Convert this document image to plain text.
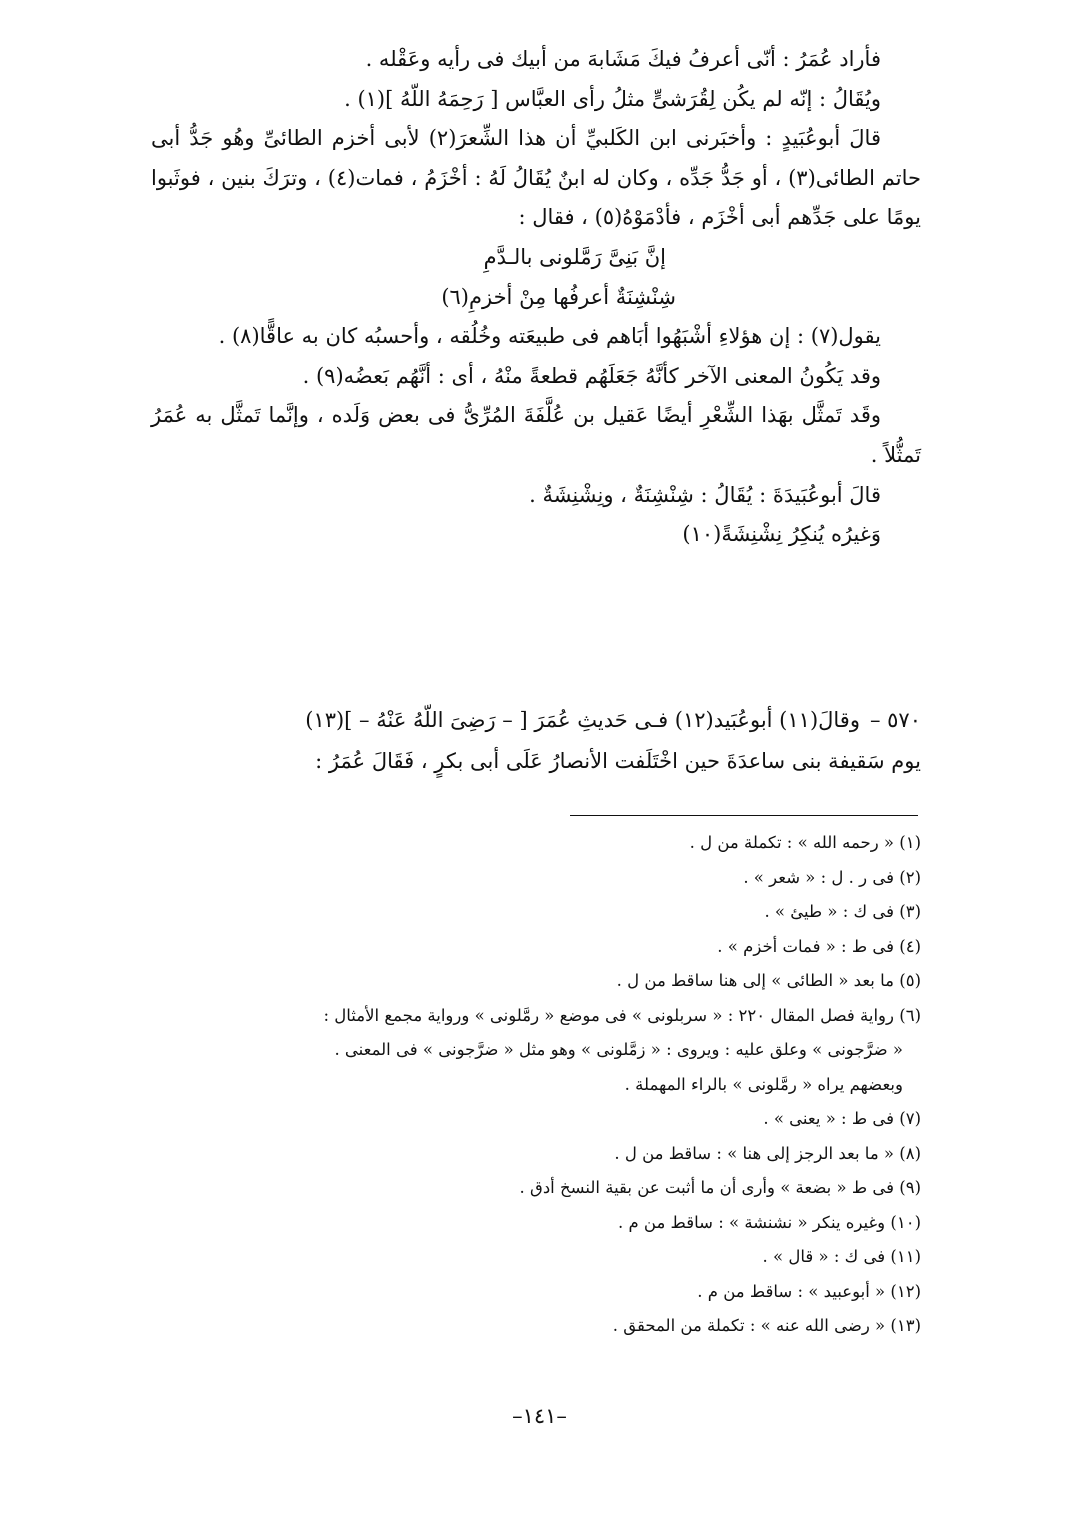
فأراد عُمَرُ : أنّى أعرفُ فيكَ مَشَابهَ من أبيك فى رأيه وعَقْله .

ويُقَالُ : إنّه لم يكُن لِقُرَشىٍّ مثلُ رأى العبَّاس [ رَحِمَهُ اللّهُ ](١) .

قالَ أبوعُبَيدٍ : وأخبَرنى ابن الكَلبيِّ أن هذا الشِّعرَ(٢) لأبى أخزم الطائىِّ وهُو جَدُّ أبى حاتم الطائى(٣) ، أو جَدُّ جَدِّه ، وكان له ابنٌ يُقَالُ لَهُ : أخْزَمُ ، فمات(٤) ، وترَكَ بنين ، فوثَبوا يومًا على جَدِّهم أبى أخْزَم ، فأدْمَوْهُ(٥) ، فقال :

إنَّ بَنِىَّ رَمَّلونى بالـدَّمِ

شِنْشِنَةٌ أعرفُها مِنْ أخزمِ(٦)

يقول(٧) : إن هؤلاءِ أشْبَهُوا أبَاهم فى طبيعَته وخُلُقه ، وأحسبُه كان به عاقًّا(٨) .

وقد يَكُونُ المعنى الآخر كأنَّهُ جَعَلَهُم قطعةً منْهُ ، أى : أنَّهُم بَعضُه(٩) .

وقَد تَمثَّل بهَذا الشِّعْرِ أيضًا عَقيل بن عُلَّفَةَ المُرِّىُّ فى بعض وَلَده ، وإنَّما تَمثَّل به عُمَرُ تَمثُّلاً .

قالَ أبوعُبَيدَةَ : يُقَالُ : شِنْشِنَةٌ ، ونِشْنِشَةٌ .

وَغيرُه يُنكِرُ نِشْنِشَةً(١٠)

٥٧٠ –وقالَ(١١) أبوعُبَيد(١٢) فـى حَديثِ عُمَرَ [ – رَضِىَ اللّهُ عَنْهُ – ](١٣)
يوم سَقيفة بنى ساعدَةَ حين اخْتَلَفت الأنصارُ عَلَى أبى بكرٍ ، فَقَالَ عُمَرُ :
(١) « رحمه الله » : تكملة من ل .
(٢) فى ر . ل : « شعر » .
(٣) فى ك : « طيئ » .
(٤) فى ط : « فمات أخزم » .
(٥) ما بعد « الطائى » إلى هنا ساقط من ل .
(٦) رواية فصل المقال ٢٢٠ : « سربلونى » فى موضع « رمَّلونى » ورواية مجمع الأمثال :
« ضرَّجونى » وعلق عليه : ويروى : « زمَّلونى » وهو مثل « ضرَّجونى » فى المعنى .
وبعضهم يراه « رمَّلونى » بالراء المهملة .
(٧) فى ط : « يعنى » .
(٨) « ما بعد الرجز إلى هنا » : ساقط من ل .
(٩) فى ط « بضعة » وأرى أن ما أثبت عن بقية النسخ أدق .
(١٠) وغيره ينكر « نشنشة » : ساقط من م .
(١١) فى ك : « قال » .
(١٢) « أبوعبيد » : ساقط من م .
(١٣) « رضى الله عنه » : تكملة من المحقق .
–١٤١–
